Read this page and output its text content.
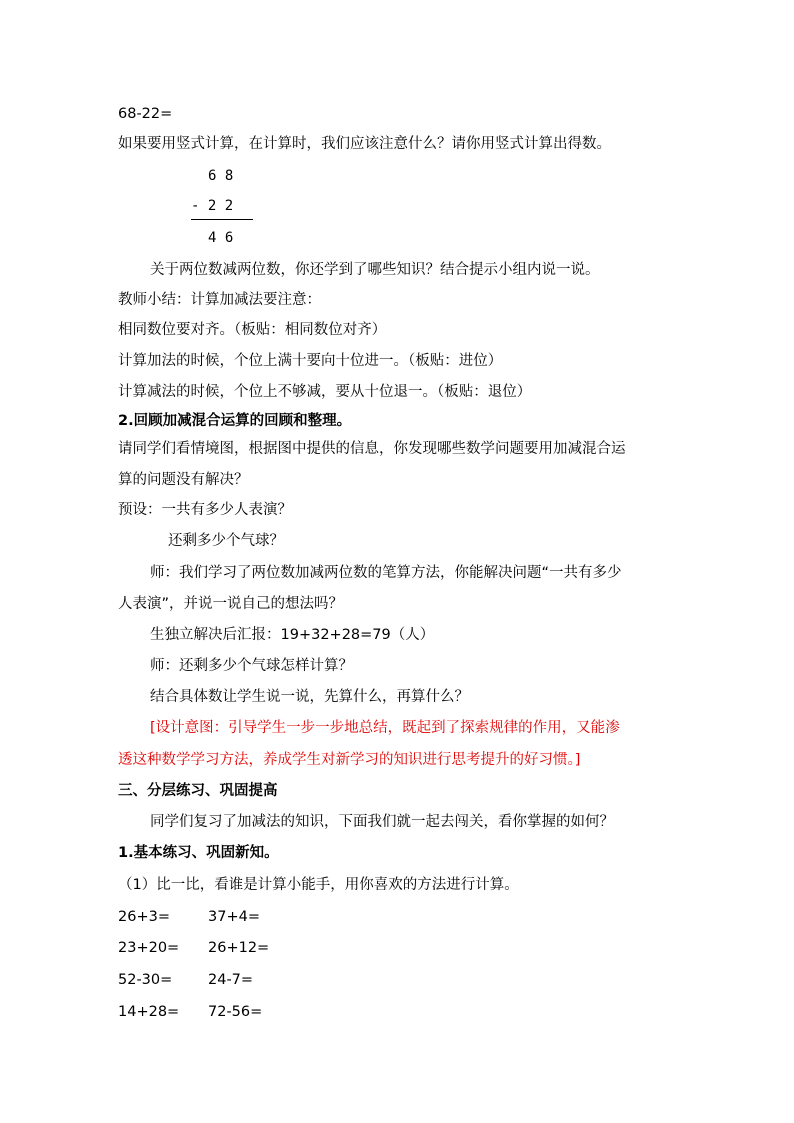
68-22=
如果要用竖式计算，在计算时，我们应该注意什么？请你用竖式计算出得数。
6 8
- 2 2
4 6
关于两位数减两位数，你还学到了哪些知识？结合提示小组内说一说。
教师小结：计算加减法要注意：
相同数位要对齐。（板贴：相同数位对齐）
计算加法的时候，个位上满十要向十位进一。（板贴：进位）
计算减法的时候，个位上不够减，要从十位退一。（板贴：退位）
2.回顾加减混合运算的回顾和整理。
请同学们看情境图，根据图中提供的信息，你发现哪些数学问题要用加减混合运
算的问题没有解决？
预设：一共有多少人表演？
还剩多少个气球？
师：我们学习了两位数加减两位数的笔算方法，你能解决问题“一共有多少
人表演”，并说一说自己的想法吗？
生独立解决后汇报：19+32+28=79（人）
师：还剩多少个气球怎样计算？
结合具体数让学生说一说，先算什么，再算什么？
[设计意图：引导学生一步一步地总结，既起到了探索规律的作用，又能渗
透这种数学学习方法，养成学生对新学习的知识进行思考提升的好习惯。]
三、分层练习、巩固提高
同学们复习了加减法的知识，下面我们就一起去闯关，看你掌握的如何？
1.基本练习、巩固新知。
（1）比一比，看谁是计算小能手，用你喜欢的方法进行计算。
26+3=	37+4=
23+20= 26+12=
52-30= 24-7=
14+28= 72-56=
